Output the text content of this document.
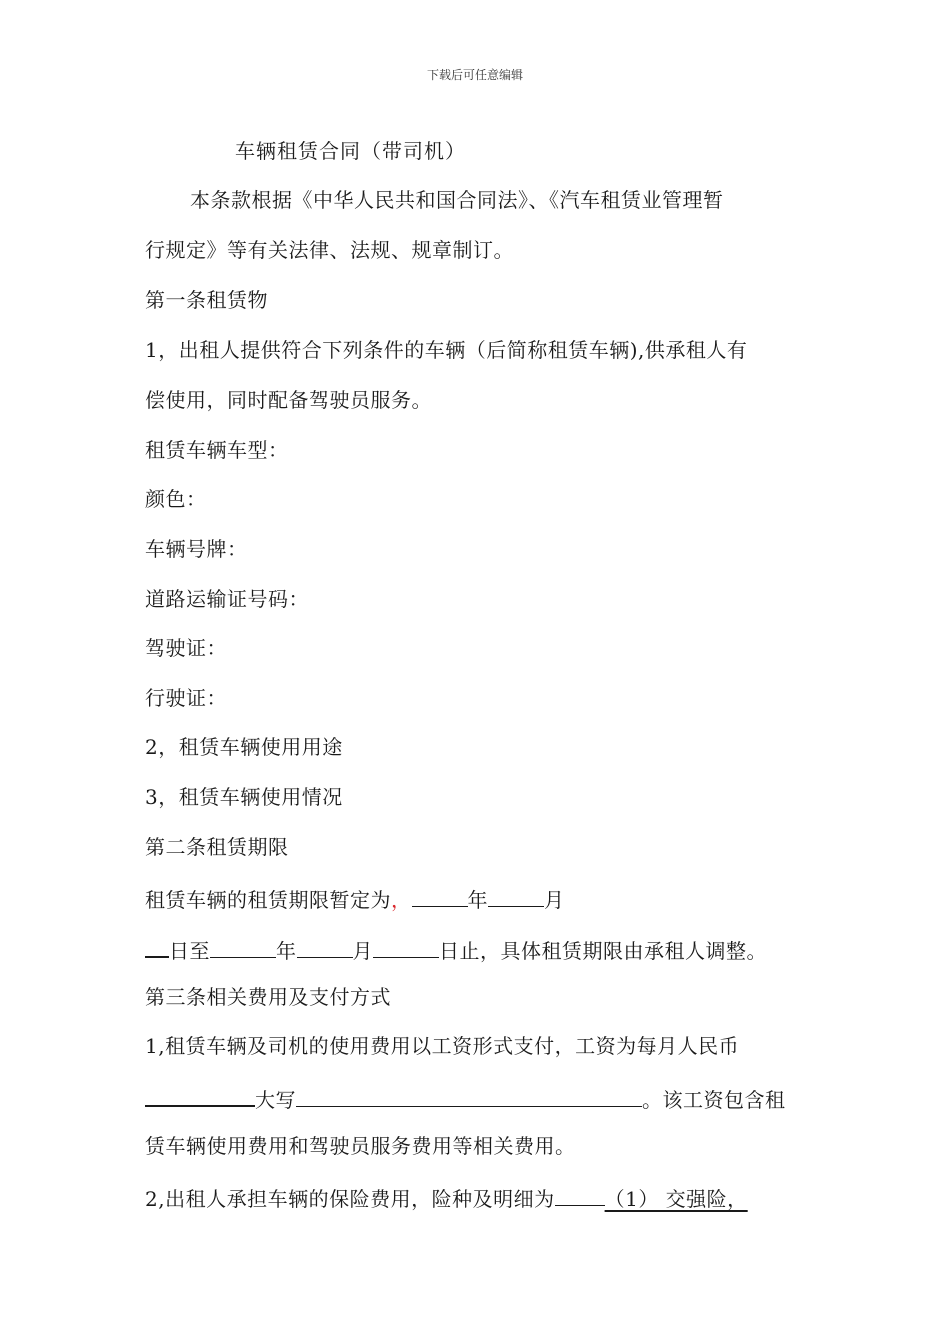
下载后可任意编辑
车辆租赁合同（带司机）
本条款根据《中华人民共和国合同法》、《汽车租赁业管理暂
行规定》等有关法律、法规、规章制订。
第一条租赁物
1，出租人提供符合下列条件的车辆（后简称租赁车辆),供承租人有
偿使用，同时配备驾驶员服务。
租赁车辆车型：
颜色：
车辆号牌：
道路运输证号码：
驾驶证：
行驶证：
2，租赁车辆使用用途
3，租赁车辆使用情况
第二条租赁期限
租赁车辆的租赁期限暂定为，	年	月
日至	年	月	日止，具体租赁期限由承租人调整。
第三条相关费用及支付方式
1,租赁车辆及司机的使用费用以工资形式支付，工资为每月人民币
大写	。该工资包含租
赁车辆使用费用和驾驶员服务费用等相关费用。
2,出租人承担车辆的保险费用，险种及明细为	（1） 交强险，
